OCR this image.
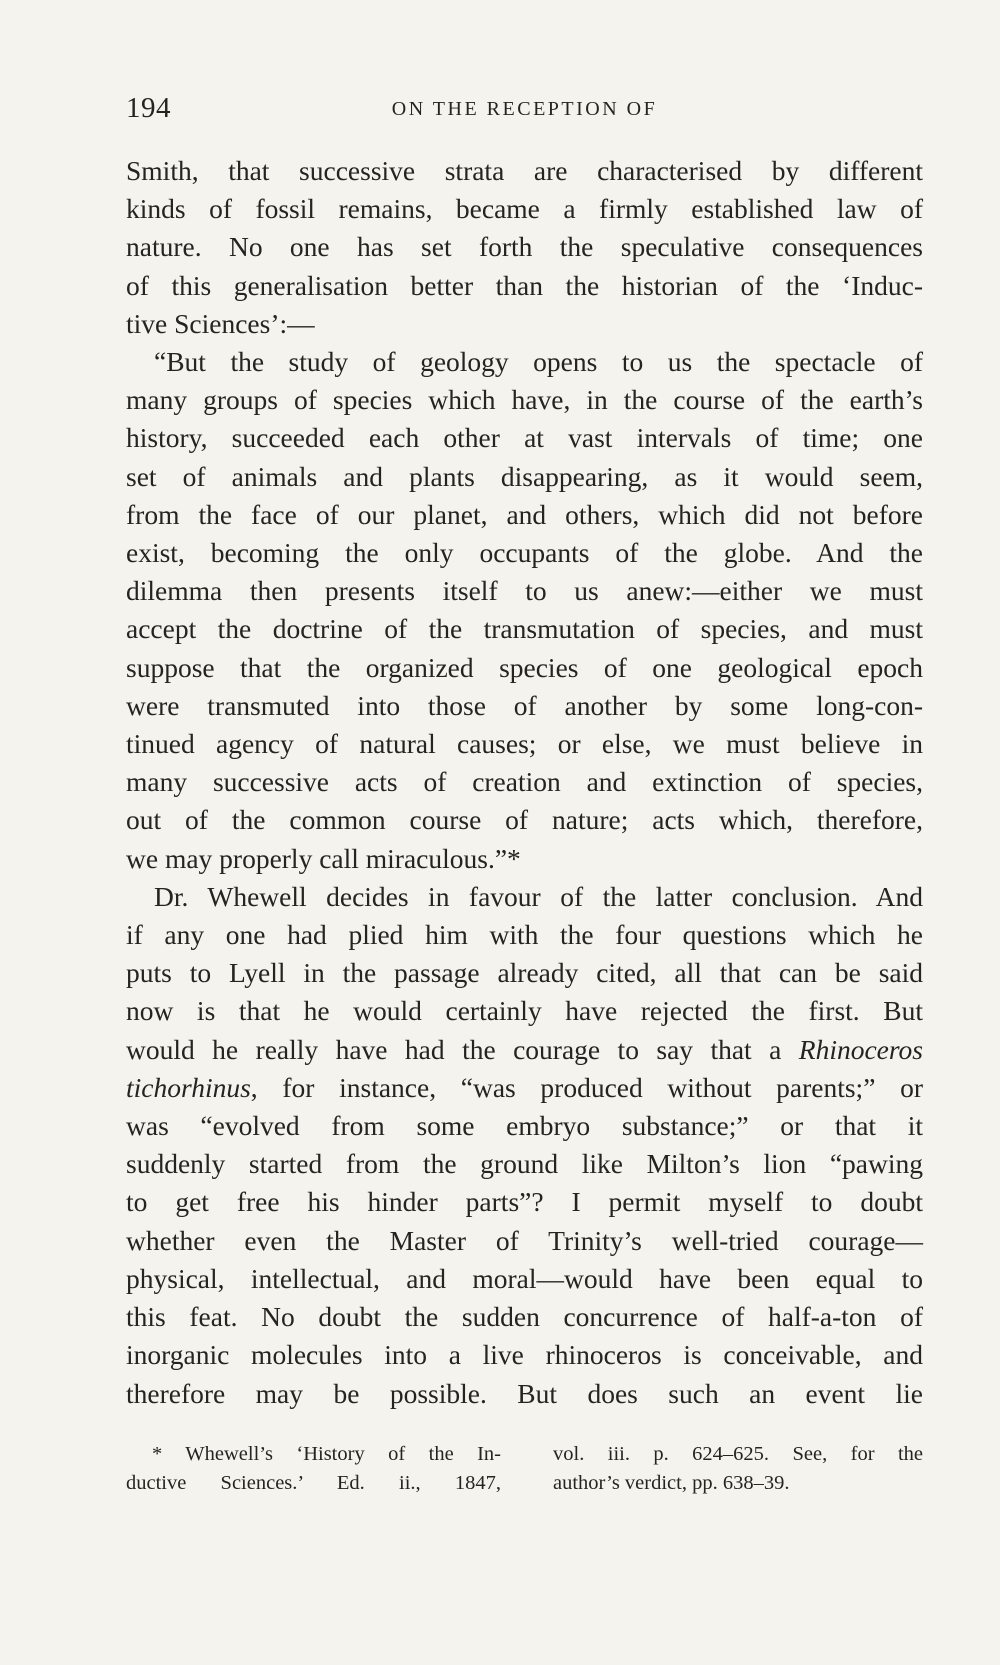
194	ON THE RECEPTION OF
Smith, that successive strata are characterised by different
kinds of fossil remains, became a firmly established law of
nature. No one has set forth the speculative consequences
of this generalisation better than the historian of the ‘Induc-
tive Sciences’:—
“But the study of geology opens to us the spectacle of
many groups of species which have, in the course of the earth’s
history, succeeded each other at vast intervals of time; one
set of animals and plants disappearing, as it would seem,
from the face of our planet, and others, which did not before
exist, becoming the only occupants of the globe. And the
dilemma then presents itself to us anew:—either we must
accept the doctrine of the transmutation of species, and must
suppose that the organized species of one geological epoch
were transmuted into those of another by some long-con-
tinued agency of natural causes; or else, we must believe in
many successive acts of creation and extinction of species,
out of the common course of nature; acts which, therefore,
we may properly call miraculous.”*
Dr. Whewell decides in favour of the latter conclusion. And
if any one had plied him with the four questions which he
puts to Lyell in the passage already cited, all that can be said
now is that he would certainly have rejected the first. But
would he really have had the courage to say that a Rhinoceros
tichorhinus, for instance, “was produced without parents;” or
was “evolved from some embryo substance;” or that it
suddenly started from the ground like Milton’s lion “pawing
to get free his hinder parts”? I permit myself to doubt
whether even the Master of Trinity’s well-tried courage—
physical, intellectual, and moral—would have been equal to
this feat. No doubt the sudden concurrence of half-a-ton of
inorganic molecules into a live rhinoceros is conceivable, and
therefore may be possible. But does such an event lie
* Whewell’s ‘History of the In-
ductive Sciences.’ Ed. ii., 1847,
vol. iii. p. 624–625. See, for the
author’s verdict, pp. 638–39.
